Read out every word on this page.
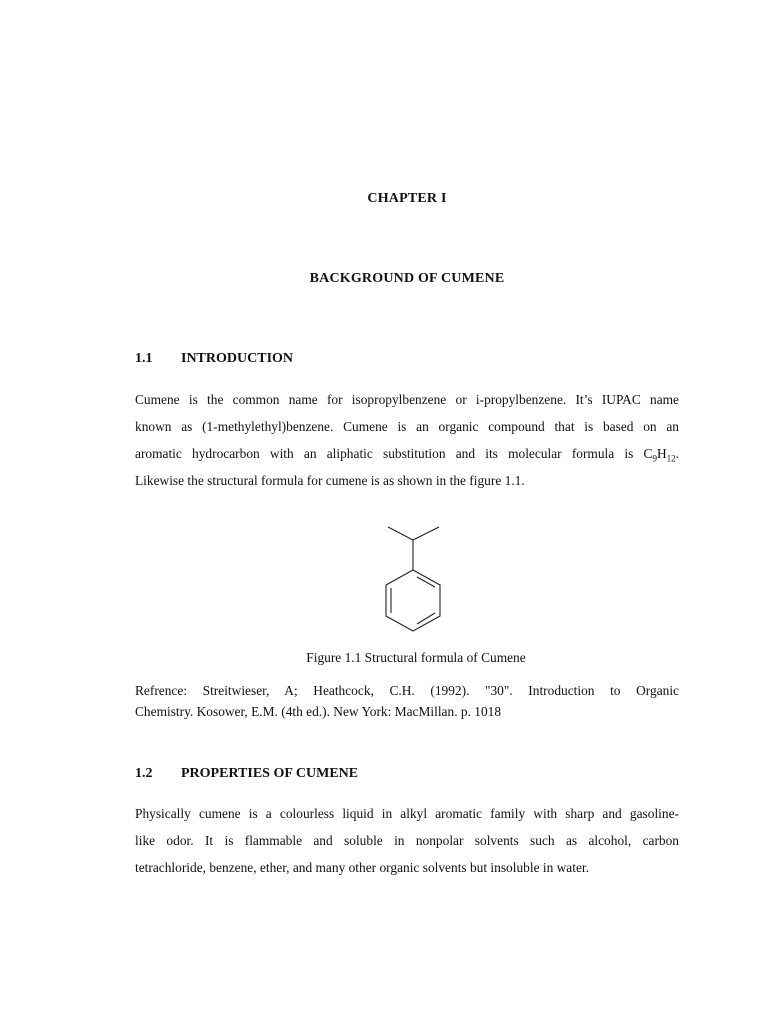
CHAPTER I
BACKGROUND OF CUMENE
1.1 INTRODUCTION
Cumene is the common name for isopropylbenzene or i-propylbenzene. It’s IUPAC name
known as (1-methylethyl)benzene. Cumene is an organic compound that is based on an
aromatic hydrocarbon with an aliphatic substitution and its molecular formula is $C_9H_{12}$.
Likewise the structural formula for cumene is as shown in the figure 1.1.
Figure 1.1 Structural formula of Cumene
Refrence: Streitwieser, A; Heathcock, C.H. (1992). "30". Introduction to Organic
Chemistry. Kosower, E.M. (4th ed.). New York: MacMillan. p. 1018
1.2 PROPERTIES OF CUMENE
Physically cumene is a colourless liquid in alkyl aromatic family with sharp and gasoline-
like odor. It is flammable and soluble in nonpolar solvents such as alcohol, carbon
tetrachloride, benzene, ether, and many other organic solvents but insoluble in water.
